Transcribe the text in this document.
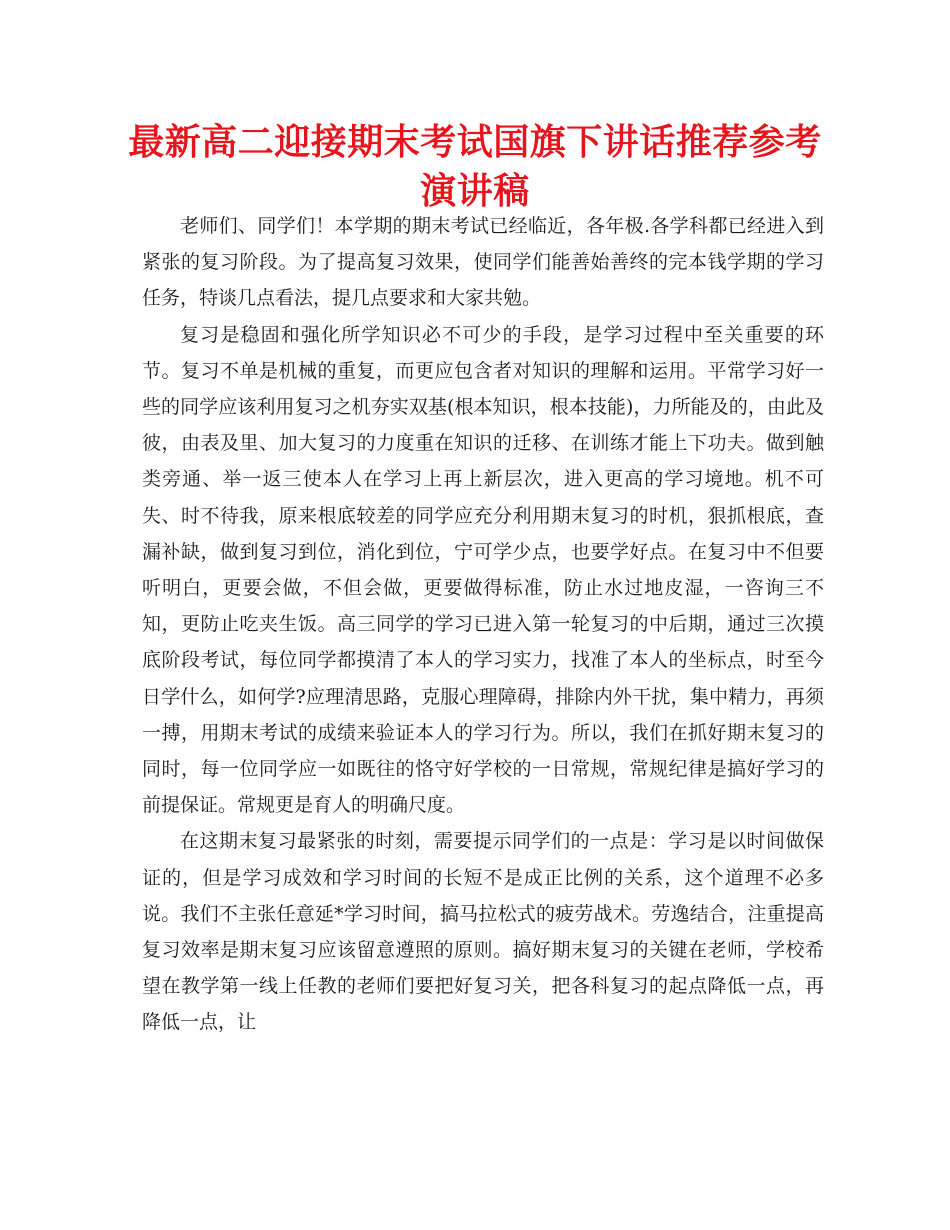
最新高二迎接期末考试国旗下讲话推荐参考演讲稿

老师们、同学们！本学期的期末考试已经临近，各年极.各学科都已经进入到紧张的复习阶段。为了提高复习效果，使同学们能善始善终的完本钱学期的学习任务，特谈几点看法，提几点要求和大家共勉。

复习是稳固和强化所学知识必不可少的手段，是学习过程中至关重要的环节。复习不单是机械的重复，而更应包含者对知识的理解和运用。平常学习好一些的同学应该利用复习之机夯实双基(根本知识，根本技能)，力所能及的，由此及彼，由表及里、加大复习的力度重在知识的迁移、在训练才能上下功夫。做到触类旁通、举一返三使本人在学习上再上新层次，进入更高的学习境地。机不可失、时不待我，原来根底较差的同学应充分利用期末复习的时机，狠抓根底，查漏补缺，做到复习到位，消化到位，宁可学少点，也要学好点。在复习中不但要听明白，更要会做，不但会做，更要做得标准，防止水过地皮湿，一咨询三不知，更防止吃夹生饭。高三同学的学习已进入第一轮复习的中后期，通过三次摸底阶段考试，每位同学都摸清了本人的学习实力，找准了本人的坐标点，时至今日学什么，如何学?应理清思路，克服心理障碍，排除内外干扰，集中精力，再须一搏，用期末考试的成绩来验证本人的学习行为。所以，我们在抓好期末复习的同时，每一位同学应一如既往的恪守好学校的一日常规，常规纪律是搞好学习的前提保证。常规更是育人的明确尺度。

在这期末复习最紧张的时刻，需要提示同学们的一点是：学习是以时间做保证的，但是学习成效和学习时间的长短不是成正比例的关系，这个道理不必多说。我们不主张任意延*学习时间，搞马拉松式的疲劳战术。劳逸结合，注重提高复习效率是期末复习应该留意遵照的原则。搞好期末复习的关键在老师，学校希望在教学第一线上任教的老师们要把好复习关，把各科复习的起点降低一点，再降低一点，让
